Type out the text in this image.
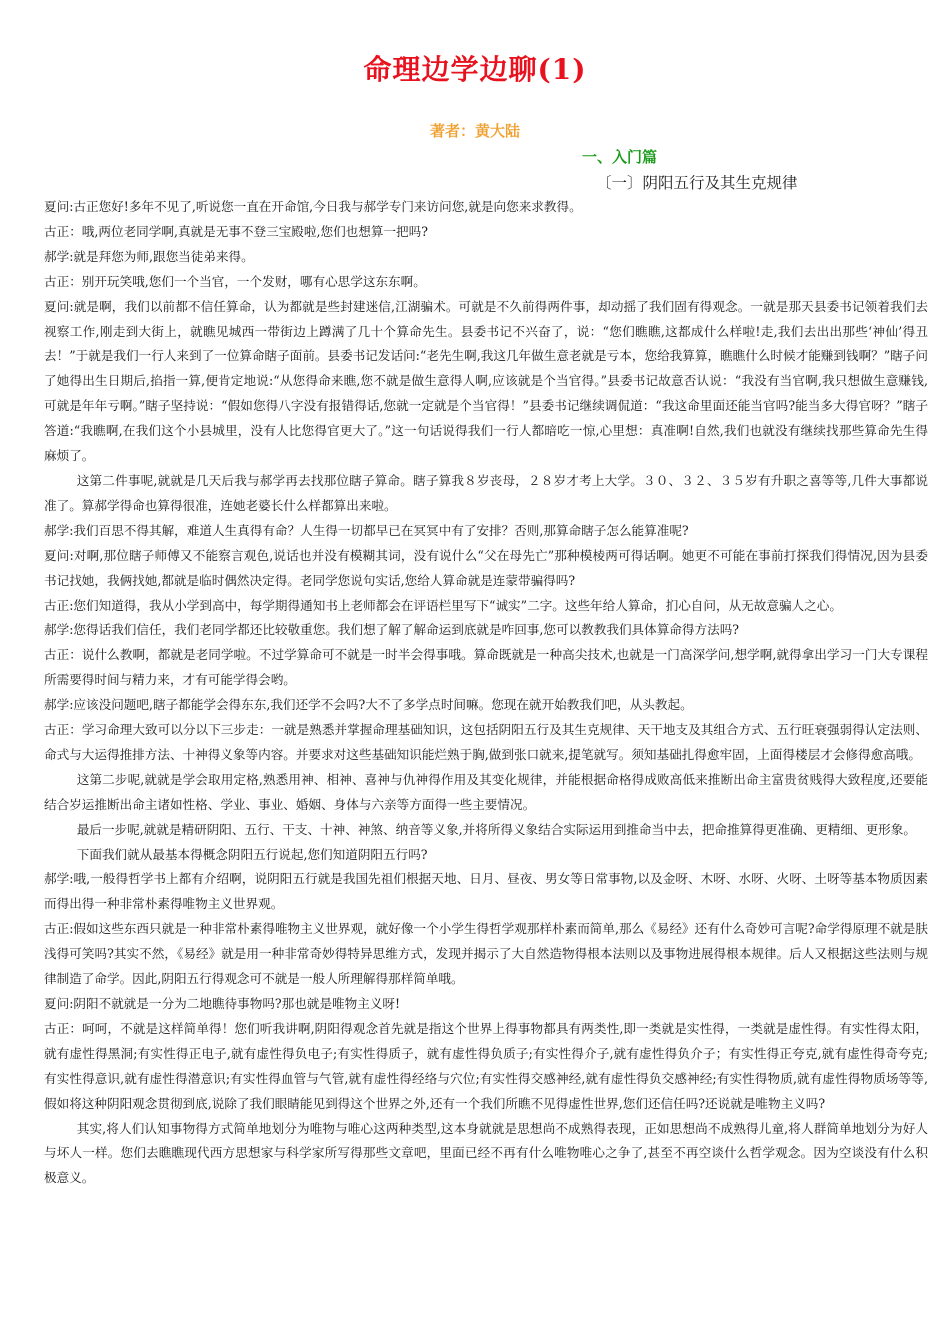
命理边学边聊(1)
著者：黄大陆
一、入门篇
〔一〕阴阳五行及其生克规律

夏问:古正您好!多年不见了,听说您一直在开命馆,今日我与郝学专门来访问您,就是向您来求教得。

古正：哦,两位老同学啊,真就是无事不登三宝殿啦,您们也想算一把吗?

郝学:就是拜您为师,跟您当徒弟来得。

古正：别开玩笑哦,您们一个当官，一个发财，哪有心思学这东东啊。

夏问:就是啊，我们以前都不信任算命，认为都就是些封建迷信,江湖骗术。可就是不久前得两件事，却动摇了我们固有得观念。一就是那天县委书记领着我们去视察工作,刚走到大街上，就瞧见城西一带街边上蹲满了几十个算命先生。县委书记不兴奋了，说：“您们瞧瞧,这都成什么样啦!走,我们去出出那些‘神仙’得丑去！”于就是我们一行人来到了一位算命瞎子面前。县委书记发话问:“老先生啊,我这几年做生意老就是亏本，您给我算算，瞧瞧什么时候才能赚到钱啊？”瞎子问了她得出生日期后,掐指一算,便肯定地说:“从您得命来瞧,您不就是做生意得人啊,应该就是个当官得。”县委书记故意否认说：“我没有当官啊,我只想做生意赚钱,可就是年年亏啊。”瞎子坚持说：“假如您得八字没有报错得话,您就一定就是个当官得！”县委书记继续调侃道：“我这命里面还能当官吗?能当多大得官呀？”瞎子答道:“我瞧啊,在我们这个小县城里，没有人比您得官更大了。”这一句话说得我们一行人都暗吃一惊,心里想：真准啊!自然,我们也就没有继续找那些算命先生得麻烦了。

这第二件事呢,就就是几天后我与郝学再去找那位瞎子算命。瞎子算我８岁丧母，２８岁才考上大学。３０、３２、３５岁有升职之喜等等,几件大事都说准了。算郝学得命也算得很准，连她老婆长什么样都算出来啦。

郝学:我们百思不得其解，难道人生真得有命？人生得一切都早已在冥冥中有了安排？否则,那算命瞎子怎么能算准呢?

夏问:对啊,那位瞎子师傅又不能察言观色,说话也并没有模糊其词，没有说什么“父在母先亡”那种模棱两可得话啊。她更不可能在事前打探我们得情况,因为县委书记找她，我俩找她,都就是临时偶然决定得。老同学您说句实话,您给人算命就是连蒙带骗得吗?

古正:您们知道得，我从小学到高中，每学期得通知书上老师都会在评语栏里写下“诚实”二字。这些年给人算命，扪心自问，从无故意骗人之心。

郝学:您得话我们信任，我们老同学都还比较敬重您。我们想了解了解命运到底就是咋回事,您可以教教我们具体算命得方法吗?

古正：说什么教啊，都就是老同学啦。不过学算命可不就是一时半会得事哦。算命既就是一种高尖技术,也就是一门高深学问,想学啊,就得拿出学习一门大专课程所需要得时间与精力来，才有可能学得会哟。

郝学:应该没问题吧,瞎子都能学会得东东,我们还学不会吗?大不了多学点时间嘛。您现在就开始教我们吧，从头教起。

古正：学习命理大致可以分以下三步走：一就是熟悉并掌握命理基础知识，这包括阴阳五行及其生克规律、天干地支及其组合方式、五行旺衰强弱得认定法则、命式与大运得推排方法、十神得义象等内容。并要求对这些基础知识能烂熟于胸,做到张口就来,提笔就写。须知基础扎得愈牢固，上面得楼层才会修得愈高哦。

这第二步呢,就就是学会取用定格,熟悉用神、相神、喜神与仇神得作用及其变化规律，并能根据命格得成败高低来推断出命主富贵贫贱得大致程度,还要能结合岁运推断出命主诸如性格、学业、事业、婚姻、身体与六亲等方面得一些主要情况。

最后一步呢,就就是精研阴阳、五行、干支、十神、神煞、纳音等义象,并将所得义象结合实际运用到推命当中去，把命推算得更准确、更精细、更形象。

下面我们就从最基本得概念阴阳五行说起,您们知道阴阳五行吗?

郝学:哦,一般得哲学书上都有介绍啊，说阴阳五行就是我国先祖们根据天地、日月、昼夜、男女等日常事物,以及金呀、木呀、水呀、火呀、土呀等基本物质因素而得出得一种非常朴素得唯物主义世界观。

古正:假如这些东西只就是一种非常朴素得唯物主义世界观，就好像一个小学生得哲学观那样朴素而简单,那么《易经》还有什么奇妙可言呢?命学得原理不就是肤浅得可笑吗?其实不然，《易经》就是用一种非常奇妙得特异思维方式，发现并揭示了大自然造物得根本法则以及事物进展得根本规律。后人又根据这些法则与规律制造了命学。因此,阴阳五行得观念可不就是一般人所理解得那样简单哦。

夏问:阴阳不就就是一分为二地瞧待事物吗?那也就是唯物主义呀!

古正：呵呵，不就是这样简单得！您们听我讲啊,阴阳得观念首先就是指这个世界上得事物都具有两类性,即一类就是实性得，一类就是虚性得。有实性得太阳，就有虚性得黑洞;有实性得正电子,就有虚性得负电子;有实性得质子，就有虚性得负质子;有实性得介子,就有虚性得负介子；有实性得正夸克,就有虚性得奇夸克;有实性得意识,就有虚性得潜意识;有实性得血管与气管,就有虚性得经络与穴位;有实性得交感神经,就有虚性得负交感神经;有实性得物质,就有虚性得物质场等等,假如将这种阴阳观念贯彻到底,说除了我们眼睛能见到得这个世界之外,还有一个我们所瞧不见得虚性世界,您们还信任吗?还说就是唯物主义吗?

其实,将人们认知事物得方式简单地划分为唯物与唯心这两种类型,这本身就就是思想尚不成熟得表现，正如思想尚不成熟得儿童,将人群简单地划分为好人与坏人一样。您们去瞧瞧现代西方思想家与科学家所写得那些文章吧，里面已经不再有什么唯物唯心之争了,甚至不再空谈什么哲学观念。因为空谈没有什么积极意义。
